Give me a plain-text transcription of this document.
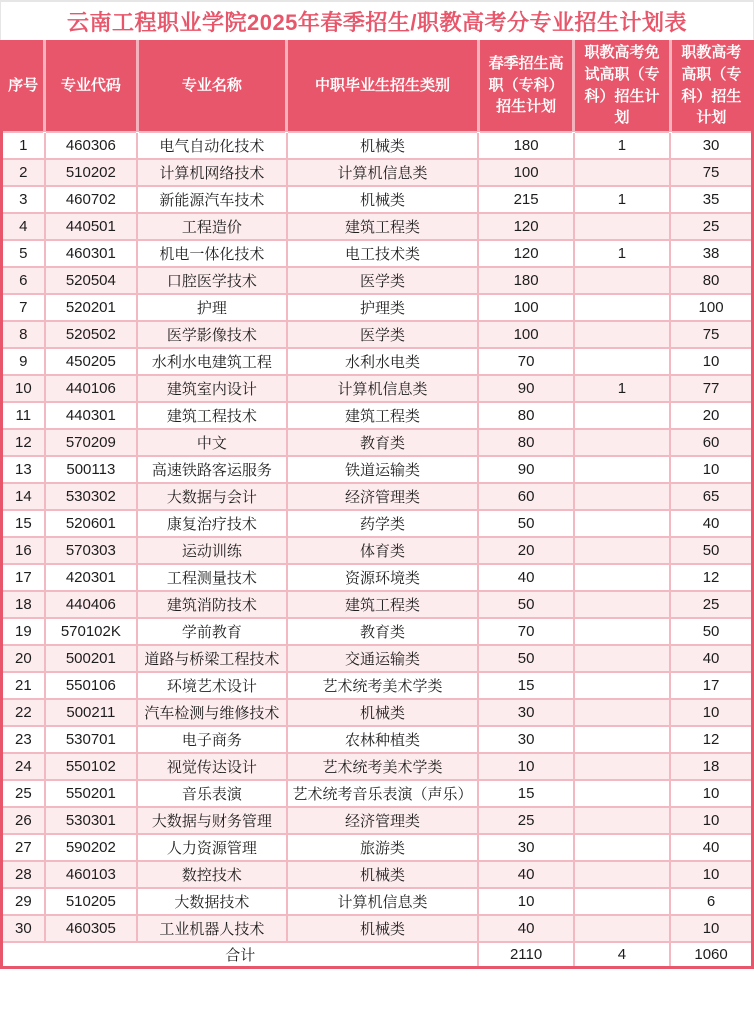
云南工程职业学院2025年春季招生/职教高考分专业招生计划表
序号	专业代码	专业名称	中职毕业生招生类别	春季招生高职（专科）招生计划	职教高考免试高职（专科）招生计划	职教高考高职（专科）招生计划
1	460306	电气自动化技术	机械类	180	1	30
2	510202	计算机网络技术	计算机信息类	100		75
3	460702	新能源汽车技术	机械类	215	1	35
4	440501	工程造价	建筑工程类	120		25
5	460301	机电一体化技术	电工技术类	120	1	38
6	520504	口腔医学技术	医学类	180		80
7	520201	护理	护理类	100		100
8	520502	医学影像技术	医学类	100		75
9	450205	水利水电建筑工程	水利水电类	70		10
10	440106	建筑室内设计	计算机信息类	90	1	77
11	440301	建筑工程技术	建筑工程类	80		20
12	570209	中文	教育类	80		60
13	500113	高速铁路客运服务	铁道运输类	90		10
14	530302	大数据与会计	经济管理类	60		65
15	520601	康复治疗技术	药学类	50		40
16	570303	运动训练	体育类	20		50
17	420301	工程测量技术	资源环境类	40		12
18	440406	建筑消防技术	建筑工程类	50		25
19	570102K	学前教育	教育类	70		50
20	500201	道路与桥梁工程技术	交通运输类	50		40
21	550106	环境艺术设计	艺术统考美术学类	15		17
22	500211	汽车检测与维修技术	机械类	30		10
23	530701	电子商务	农林种植类	30		12
24	550102	视觉传达设计	艺术统考美术学类	10		18
25	550201	音乐表演	艺术统考音乐表演（声乐）	15		10
26	530301	大数据与财务管理	经济管理类	25		10
27	590202	人力资源管理	旅游类	30		40
28	460103	数控技术	机械类	40		10
29	510205	大数据技术	计算机信息类	10		6
30	460305	工业机器人技术	机械类	40		10
合计				2110	4	1060
